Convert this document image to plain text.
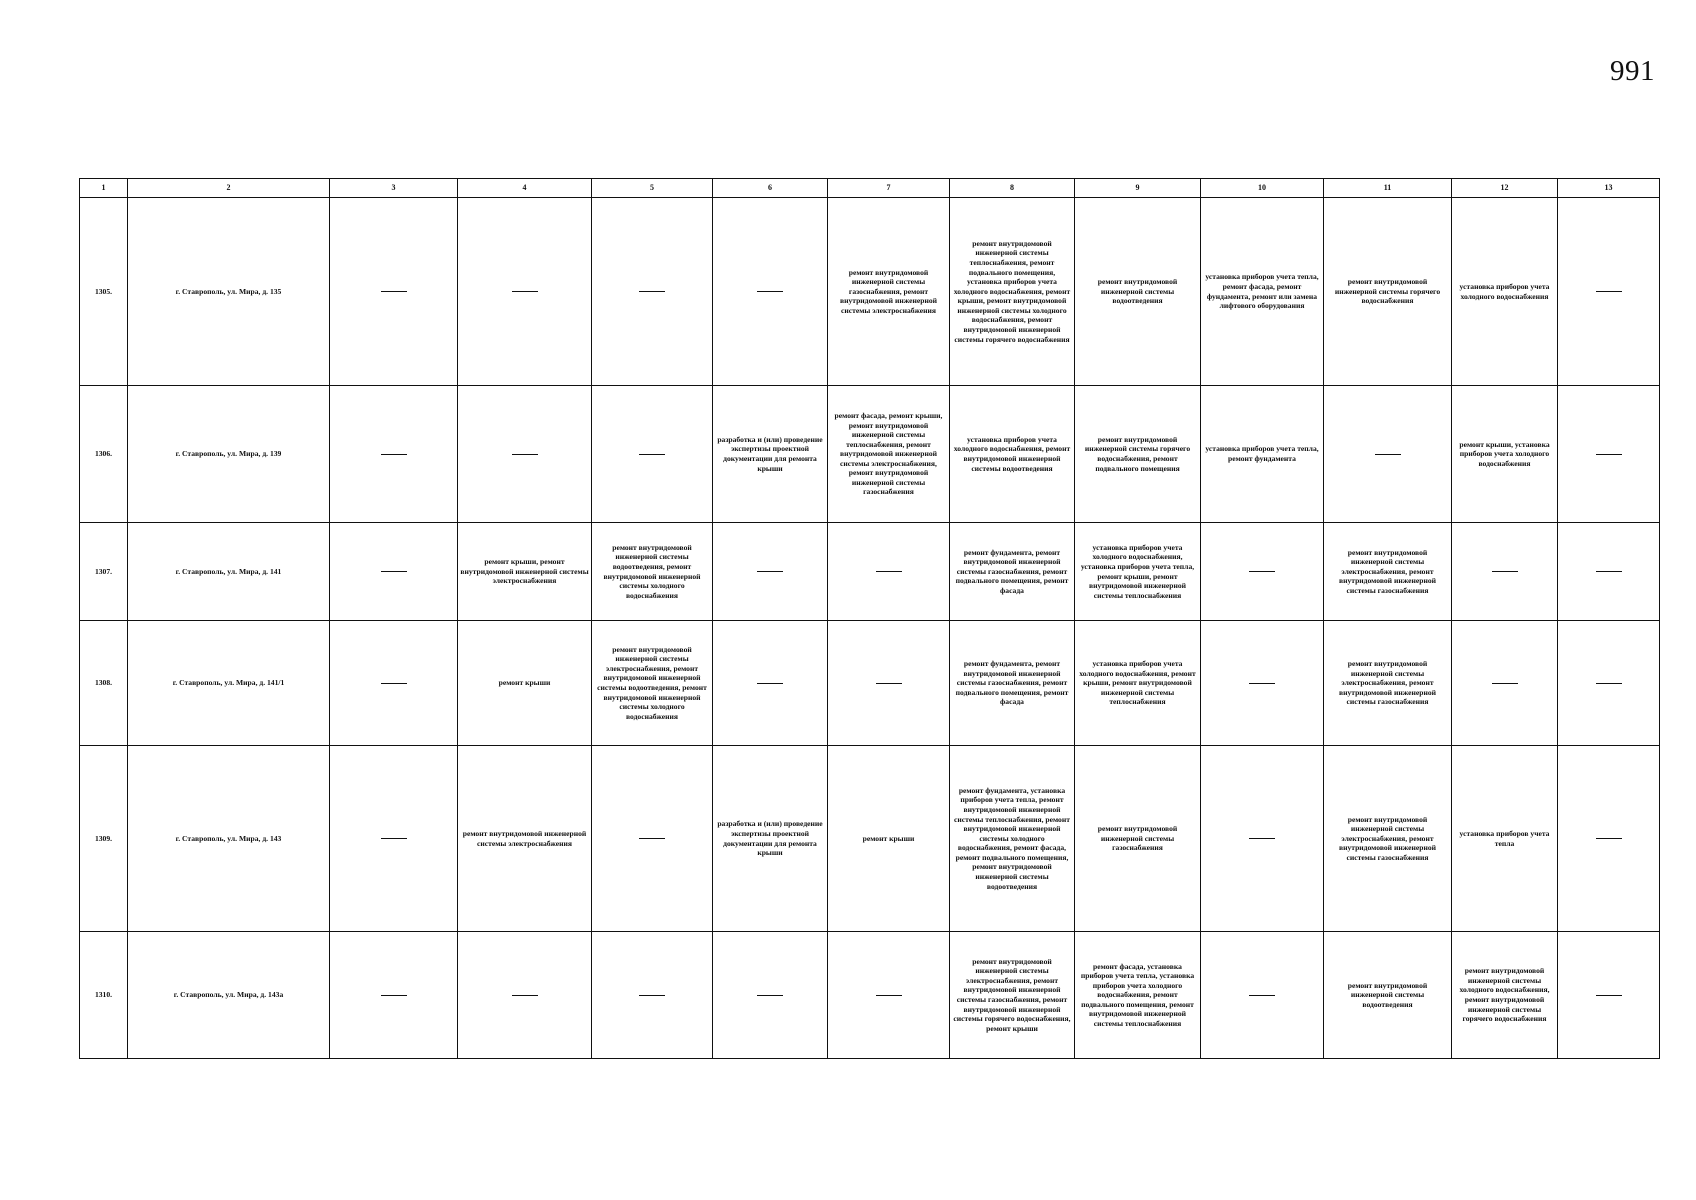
991
1	2	3	4	5	6	7	8	9	10	11	12	13
1305.	г. Ставрополь, ул. Мира, д. 135					ремонт внутридомовой инженерной системы газоснабжения, ремонт внутридомовой инженерной системы электроснабжения	ремонт внутридомовой инженерной системы теплоснабжения, ремонт подвального помещения, установка приборов учета холодного водоснабжения, ремонт крыши, ремонт внутридомовой инженерной системы холодного водоснабжения, ремонт внутридомовой инженерной системы горячего водоснабжения	ремонт внутридомовой инженерной системы водоотведения	установка приборов учета тепла, ремонт фасада, ремонт фундамента, ремонт или замена лифтового оборудования	ремонт внутридомовой инженерной системы горячего водоснабжения	установка приборов учета холодного водоснабжения	

1306.	г. Ставрополь, ул. Мира, д. 139				разработка и (или) проведение экспертизы проектной документации для ремонта крыши	ремонт фасада, ремонт крыши, ремонт внутридомовой инженерной системы теплоснабжения, ремонт внутридомовой инженерной системы электроснабжения, ремонт внутридомовой инженерной системы газоснабжения	установка приборов учета холодного водоснабжения, ремонт внутридомовой инженерной системы водоотведения	ремонт внутридомовой инженерной системы горячего водоснабжения, ремонт подвального помещения	установка приборов учета тепла, ремонт фундамента		ремонт крыши, установка приборов учета холодного водоснабжения	

1307.	г. Ставрополь, ул. Мира, д. 141		ремонт крыши, ремонт внутридомовой инженерной системы электроснабжения	ремонт внутридомовой инженерной системы водоотведения, ремонт внутридомовой инженерной системы холодного водоснабжения			ремонт фундамента, ремонт внутридомовой инженерной системы газоснабжения, ремонт подвального помещения, ремонт фасада	установка приборов учета холодного водоснабжения, установка приборов учета тепла, ремонт крыши, ремонт внутридомовой инженерной системы теплоснабжения		ремонт внутридомовой инженерной системы электроснабжения, ремонт внутридомовой инженерной системы газоснабжения		

1308.	г. Ставрополь, ул. Мира, д. 141/1		ремонт крыши	ремонт внутридомовой инженерной системы электроснабжения, ремонт внутридомовой инженерной системы водоотведения, ремонт внутридомовой инженерной системы холодного водоснабжения			ремонт фундамента, ремонт внутридомовой инженерной системы газоснабжения, ремонт подвального помещения, ремонт фасада	установка приборов учета холодного водоснабжения, ремонт крыши, ремонт внутридомовой инженерной системы теплоснабжения		ремонт внутридомовой инженерной системы электроснабжения, ремонт внутридомовой инженерной системы газоснабжения		

1309.	г. Ставрополь, ул. Мира, д. 143		ремонт внутридомовой инженерной системы электроснабжения		разработка и (или) проведение экспертизы проектной документации для ремонта крыши	ремонт крыши	ремонт фундамента, установка приборов учета тепла, ремонт внутридомовой инженерной системы теплоснабжения, ремонт внутридомовой инженерной системы холодного водоснабжения, ремонт фасада, ремонт подвального помещения, ремонт внутридомовой инженерной системы водоотведения	ремонт внутридомовой инженерной системы газоснабжения		ремонт внутридомовой инженерной системы электроснабжения, ремонт внутридомовой инженерной системы газоснабжения	установка приборов учета тепла	

1310.	г. Ставрополь, ул. Мира, д. 143а						ремонт внутридомовой инженерной системы электроснабжения, ремонт внутридомовой инженерной системы газоснабжения, ремонт внутридомовой инженерной системы горячего водоснабжения, ремонт крыши	ремонт фасада, установка приборов учета тепла, установка приборов учета холодного водоснабжения, ремонт подвального помещения, ремонт внутридомовой инженерной системы теплоснабжения		ремонт внутридомовой инженерной системы водоотведения	ремонт внутридомовой инженерной системы холодного водоснабжения, ремонт внутридомовой инженерной системы горячего водоснабжения	
